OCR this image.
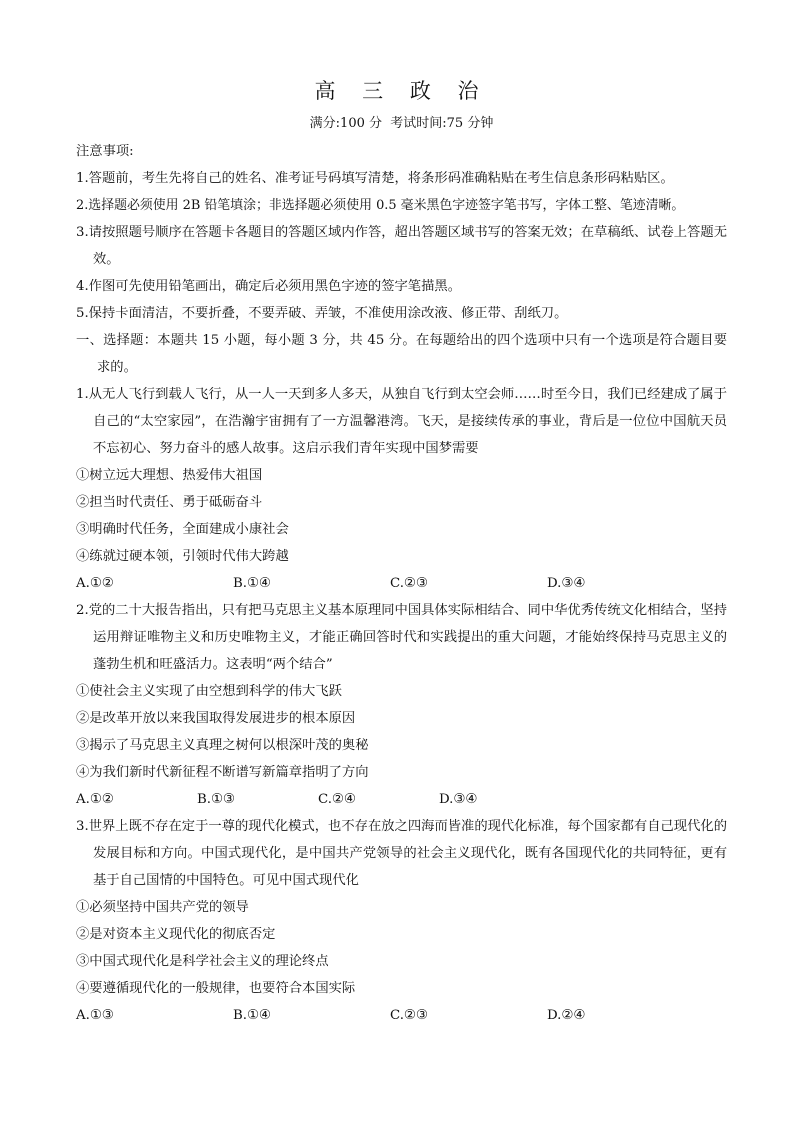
高 三 政 治
满分:100 分 考试时间:75 分钟

注意事项:

1.答题前，考生先将自己的姓名、准考证号码填写清楚，将条形码准确粘贴在考生信息条形码粘贴区。

2.选择题必须使用 2B 铅笔填涂；非选择题必须使用 0.5 毫米黑色字迹签字笔书写，字体工整、笔迹清晰。

3.请按照题号顺序在答题卡各题目的答题区域内作答，超出答题区域书写的答案无效；在草稿纸、试卷上答题无效。

4.作图可先使用铅笔画出，确定后必须用黑色字迹的签字笔描黑。

5.保持卡面清洁，不要折叠，不要弄破、弄皱，不准使用涂改液、修正带、刮纸刀。

一、选择题：本题共 15 小题，每小题 3 分，共 45 分。在每题给出的四个选项中只有一个选项是符合题目要求的。

1.从无人飞行到载人飞行，从一人一天到多人多天，从独自飞行到太空会师……时至今日，我们已经建成了属于自己的“太空家园”，在浩瀚宇宙拥有了一方温馨港湾。飞天，是接续传承的事业，背后是一位位中国航天员不忘初心、努力奋斗的感人故事。这启示我们青年实现中国梦需要

①树立远大理想、热爱伟大祖国

②担当时代责任、勇于砥砺奋斗

③明确时代任务，全面建成小康社会

④练就过硬本领，引领时代伟大跨越

A.①②	B.①④	C.②③	D.③④

2.党的二十大报告指出，只有把马克思主义基本原理同中国具体实际相结合、同中华优秀传统文化相结合，坚持运用辩证唯物主义和历史唯物主义，才能正确回答时代和实践提出的重大问题，才能始终保持马克思主义的蓬勃生机和旺盛活力。这表明“两个结合”

①使社会主义实现了由空想到科学的伟大飞跃

②是改革开放以来我国取得发展进步的根本原因

③揭示了马克思主义真理之树何以根深叶茂的奥秘

④为我们新时代新征程不断谱写新篇章指明了方向

A.①②	B.①③	C.②④	D.③④

3.世界上既不存在定于一尊的现代化模式，也不存在放之四海而皆准的现代化标准，每个国家都有自己现代化的发展目标和方向。中国式现代化，是中国共产党领导的社会主义现代化，既有各国现代化的共同特征，更有基于自己国情的中国特色。可见中国式现代化

①必须坚持中国共产党的领导

②是对资本主义现代化的彻底否定

③中国式现代化是科学社会主义的理论终点

④要遵循现代化的一般规律，也要符合本国实际

A.①③	B.①④	C.②③	D.②④
